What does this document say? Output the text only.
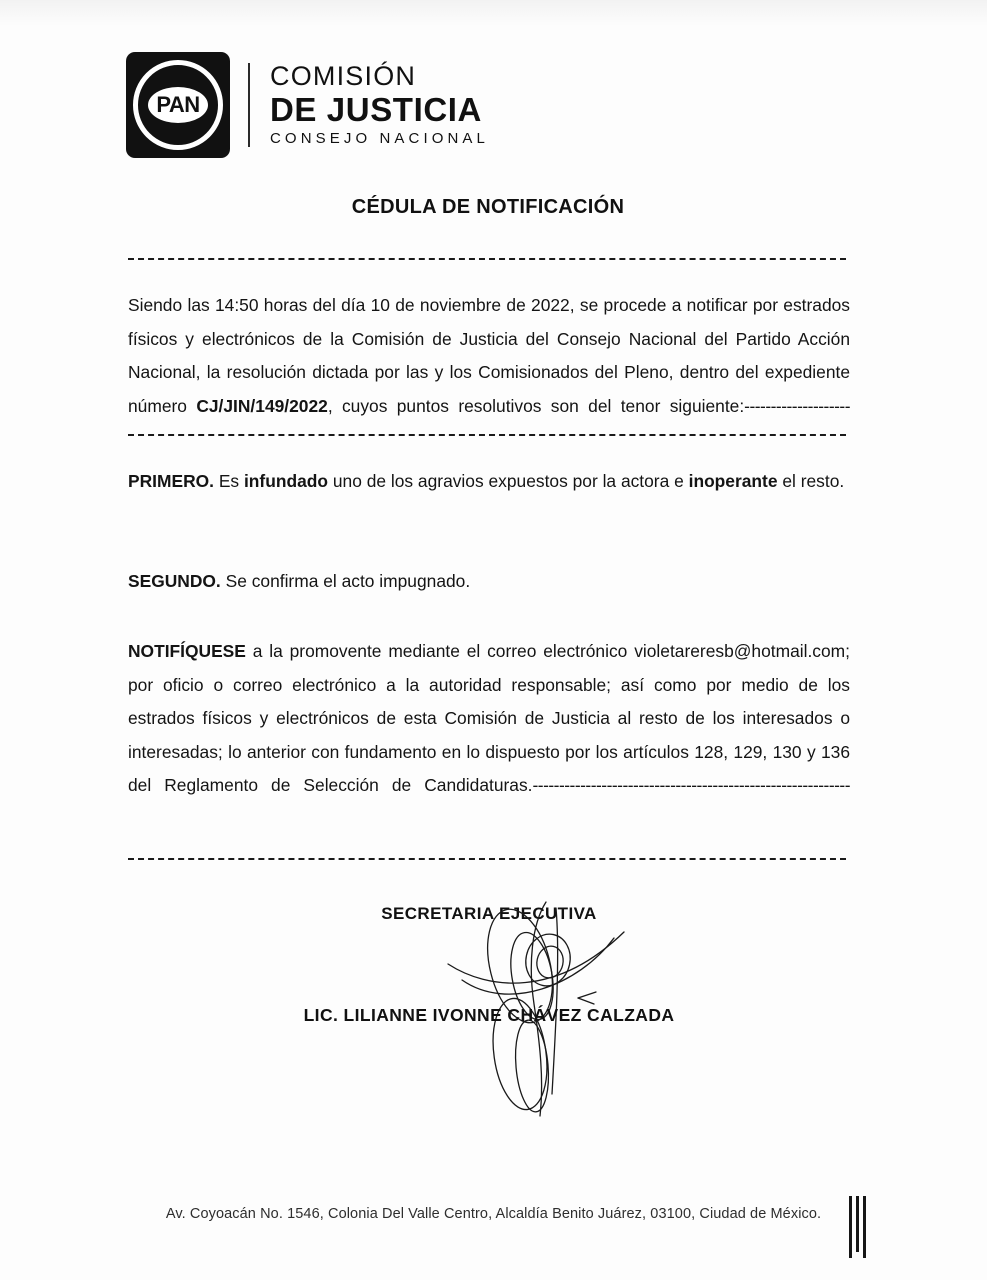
PAN
COMISIÓN
DE JUSTICIA
CONSEJO NACIONAL
CÉDULA DE NOTIFICACIÓN
Siendo las 14:50 horas del día 10 de noviembre de 2022, se procede a notificar por estrados físicos y electrónicos de la Comisión de Justicia del Consejo Nacional del Partido Acción Nacional, la resolución dictada por las y los Comisionados del Pleno, dentro del expediente número CJ/JIN/149/2022, cuyos puntos resolutivos son del tenor siguiente:--------------------
PRIMERO. Es infundado uno de los agravios expuestos por la actora e inoperante el resto.
SEGUNDO. Se confirma el acto impugnado.
NOTIFÍQUESE a la promovente mediante el correo electrónico violetareresb@hotmail.com; por oficio o correo electrónico a la autoridad responsable; así como por medio de los estrados físicos y electrónicos de esta Comisión de Justicia al resto de los interesados o interesadas; lo anterior con fundamento en lo dispuesto por los artículos 128, 129, 130 y 136 del Reglamento de Selección de Candidaturas.------------------------------------------------------------
SECRETARIA EJECUTIVA
LIC. LILIANNE IVONNE CHÁVEZ CALZADA
Av. Coyoacán No. 1546, Colonia Del Valle Centro, Alcaldía Benito Juárez, 03100, Ciudad de México.
